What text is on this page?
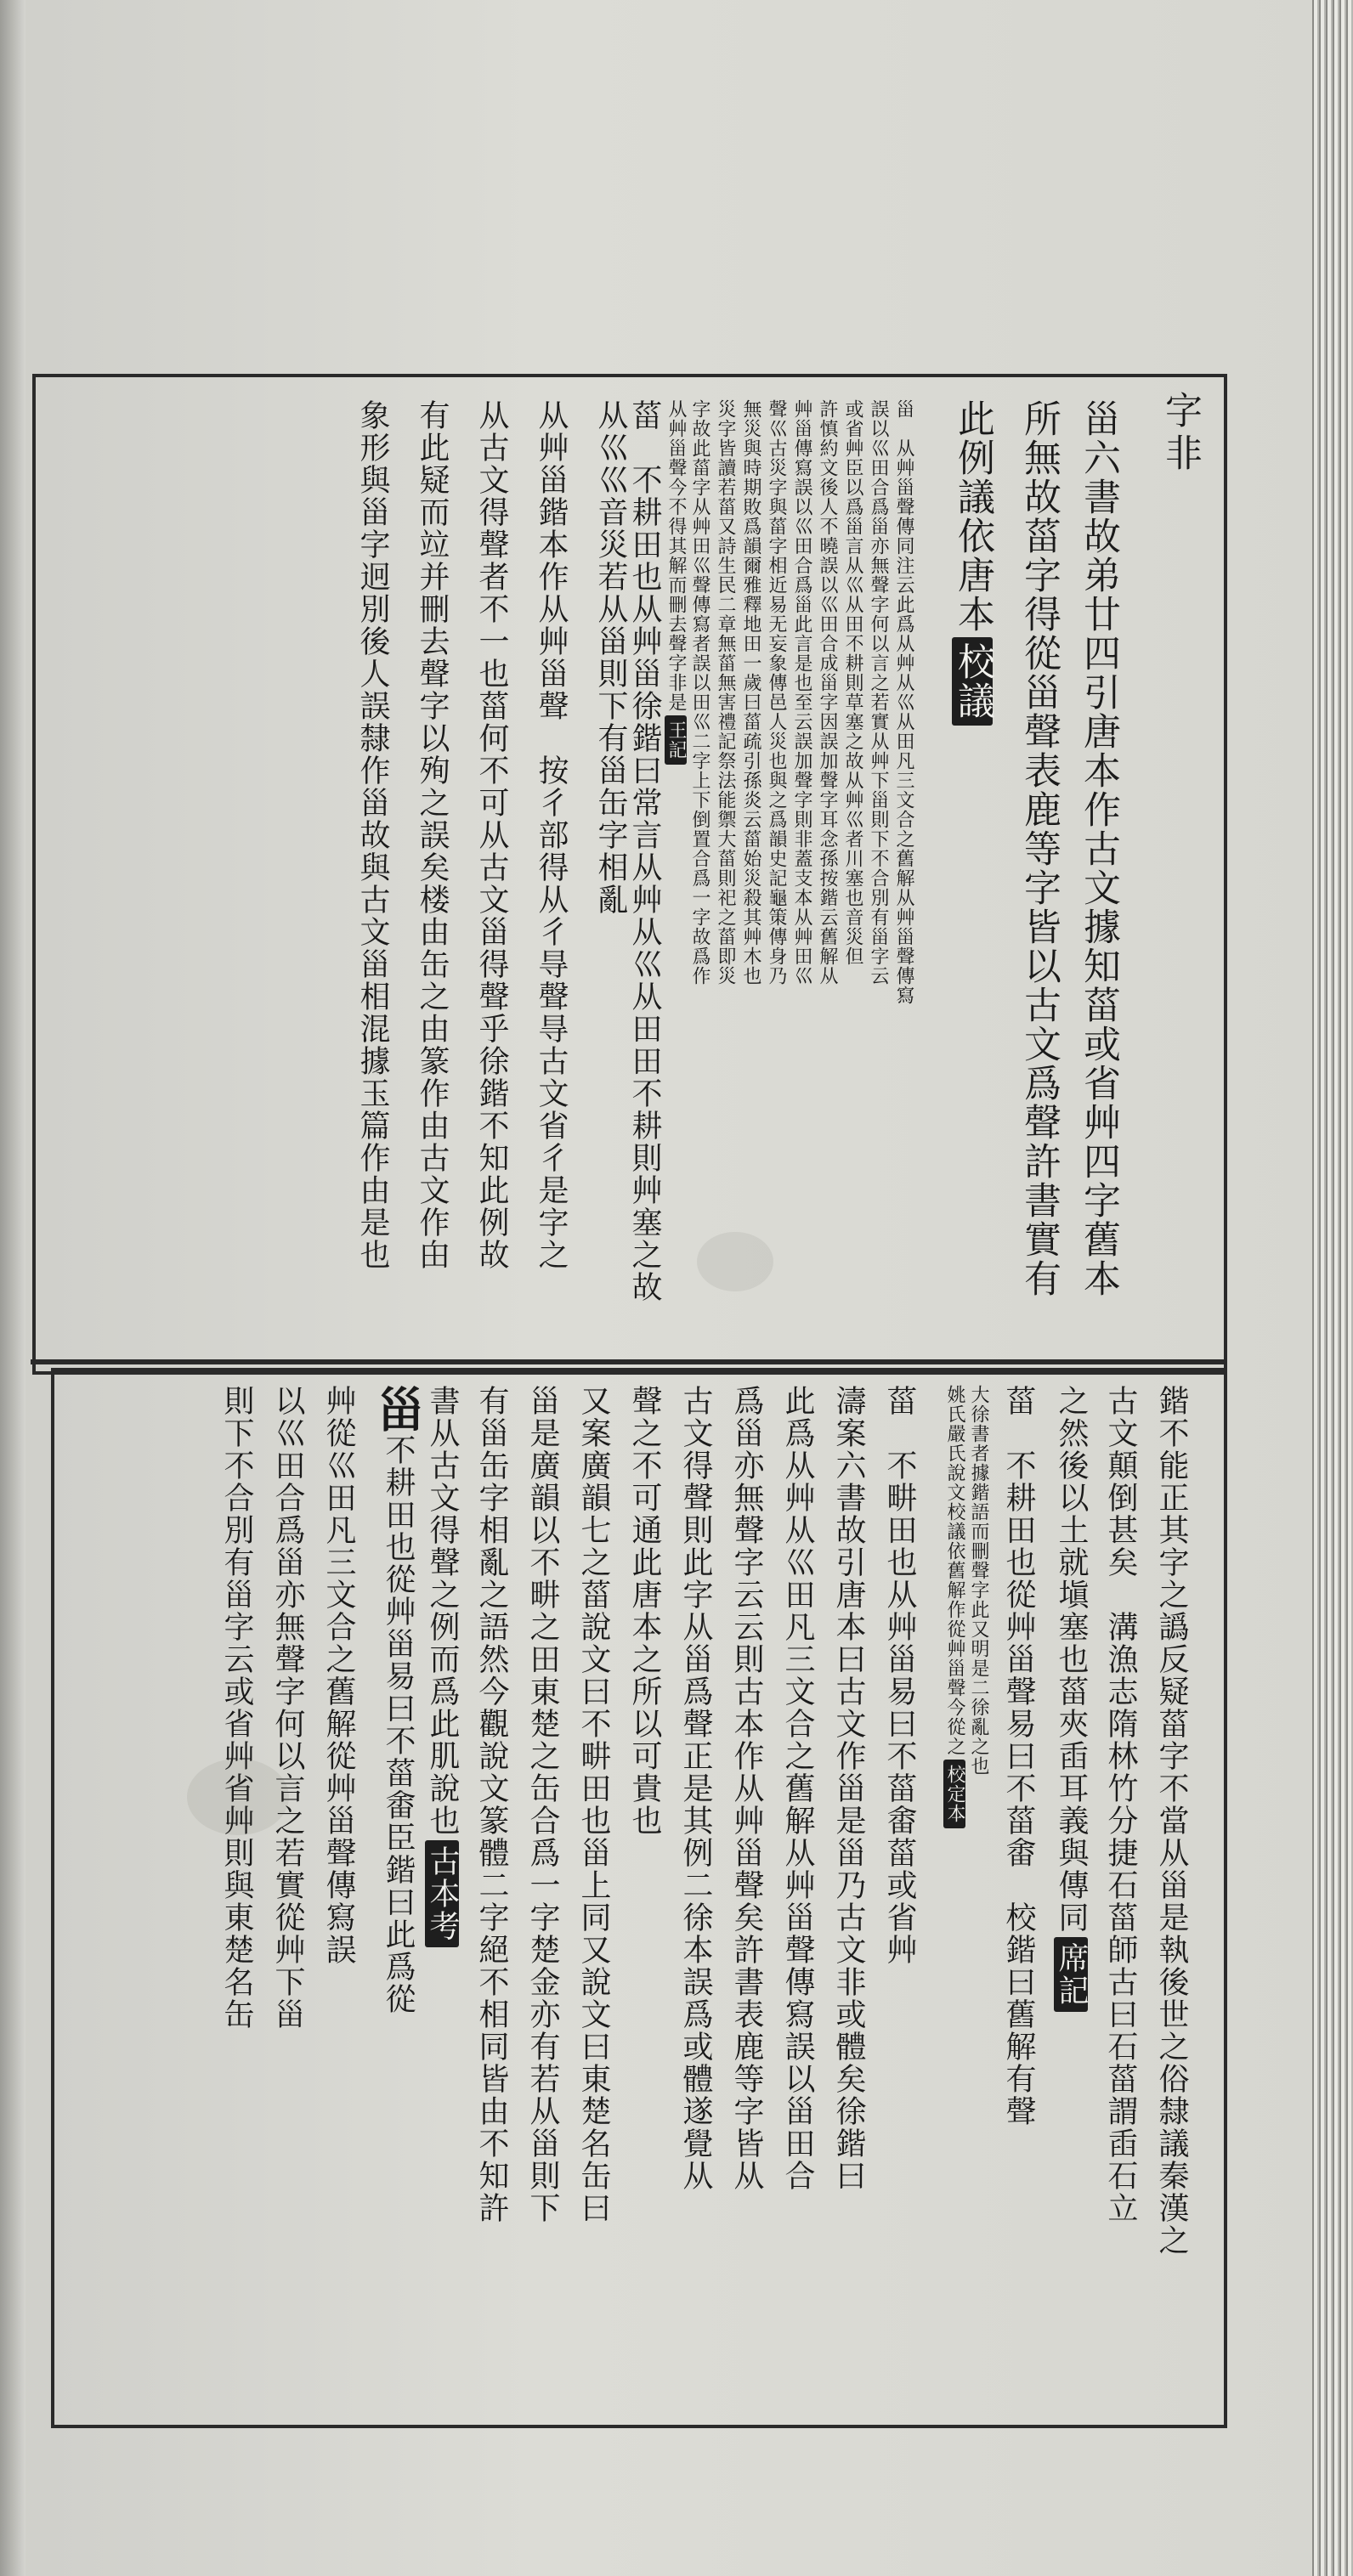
字非
甾六書故弟廿四引唐本作古文據知菑或省艸四字舊本
所無故菑字得從甾聲表鹿等字皆以古文爲聲許書實有
此例議依唐本校議
甾　从艸甾聲傳同注云此爲从艸从巛从田凡三文合之舊解从艸甾聲傳寫
誤以巛田合爲甾亦無聲字何以言之若實从艸下甾則下不合別有甾字云
或省艸臣以爲甾言从巛从田不耕則草塞之故从艸巛者川塞也音災但
許慎約文後人不曉誤以巛田合成甾字因誤加聲字耳念孫按鍇云舊解从
艸甾傳寫誤以巛田合爲甾此言是也至云誤加聲字則非蓋支本从艸田巛
聲巛古災字與菑字相近易无妄象傳邑人災也與之爲韻史記龜策傳身乃
無災與時期敗爲韻爾雅釋地田一歲曰菑疏引孫炎云菑始災殺其艸木也
災字皆讀若菑又詩生民二章無菑無害禮記祭法能禦大菑則祀之菑即災
字故此菑字从艸田巛聲傳寫者誤以田巛二字上下倒置合爲一字故爲作
从艸甾聲今不得其解而刪去聲字非是王記
菑　不耕田也从艸甾徐鍇曰常言从艸从巛从田田不耕則艸塞之故
从巛巛音災若从甾則下有甾缶字相亂
从艸甾鍇本作从艸甾聲　按彳部得从彳㝵聲㝵古文省彳是字之
从古文得聲者不一也菑何不可从古文甾得聲乎徐鍇不知此例故
有此疑而竝并刪去聲字以殉之誤矣楼由缶之由篆作由古文作甶
象形與甾字迥別後人誤隸作甾故與古文甾相混據玉篇作由是也
鍇不能正其字之譌反疑菑字不當从甾是執後世之俗隸議秦漢之
古文顛倒甚矣　溝漁志隋林竹分捷石菑師古曰石菑謂臿石立
之然後以土就塡塞也菑夾臿耳義與傳同席記
菑　不耕田也從艸甾聲易曰不菑畬　校鍇曰舊解有聲
大徐書者據鍇語而刪聲字此又明是二徐亂之也
姚氏嚴氏說文校議依舊解作從艸甾聲今從之校定本
菑　不畊田也从艸甾易曰不菑畬菑或省艸
濤案六書故引唐本曰古文作甾是甾乃古文非或體矣徐鍇曰
此爲从艸从巛田凡三文合之舊解从艸甾聲傳寫誤以甾田合
爲甾亦無聲字云云則古本作从艸甾聲矣許書表鹿等字皆从
古文得聲則此字从甾爲聲正是其例二徐本誤爲或體遂覺从
聲之不可通此唐本之所以可貴也
又案廣韻七之菑說文曰不畊田也甾上同又說文曰東楚名缶曰
甾是廣韻以不畊之田東楚之缶合爲一字楚金亦有若从甾則下
有甾缶字相亂之語然今觀說文篆體二字絕不相同皆由不知許
書从古文得聲之例而爲此肌說也古本考
甾不耕田也從艸甾易曰不菑畬臣鍇曰此爲從
艸從巛田凡三文合之舊解從艸甾聲傳寫誤
以巛田合爲甾亦無聲字何以言之若實從艸下甾
則下不合別有甾字云或省艸省艸則與東楚名缶
